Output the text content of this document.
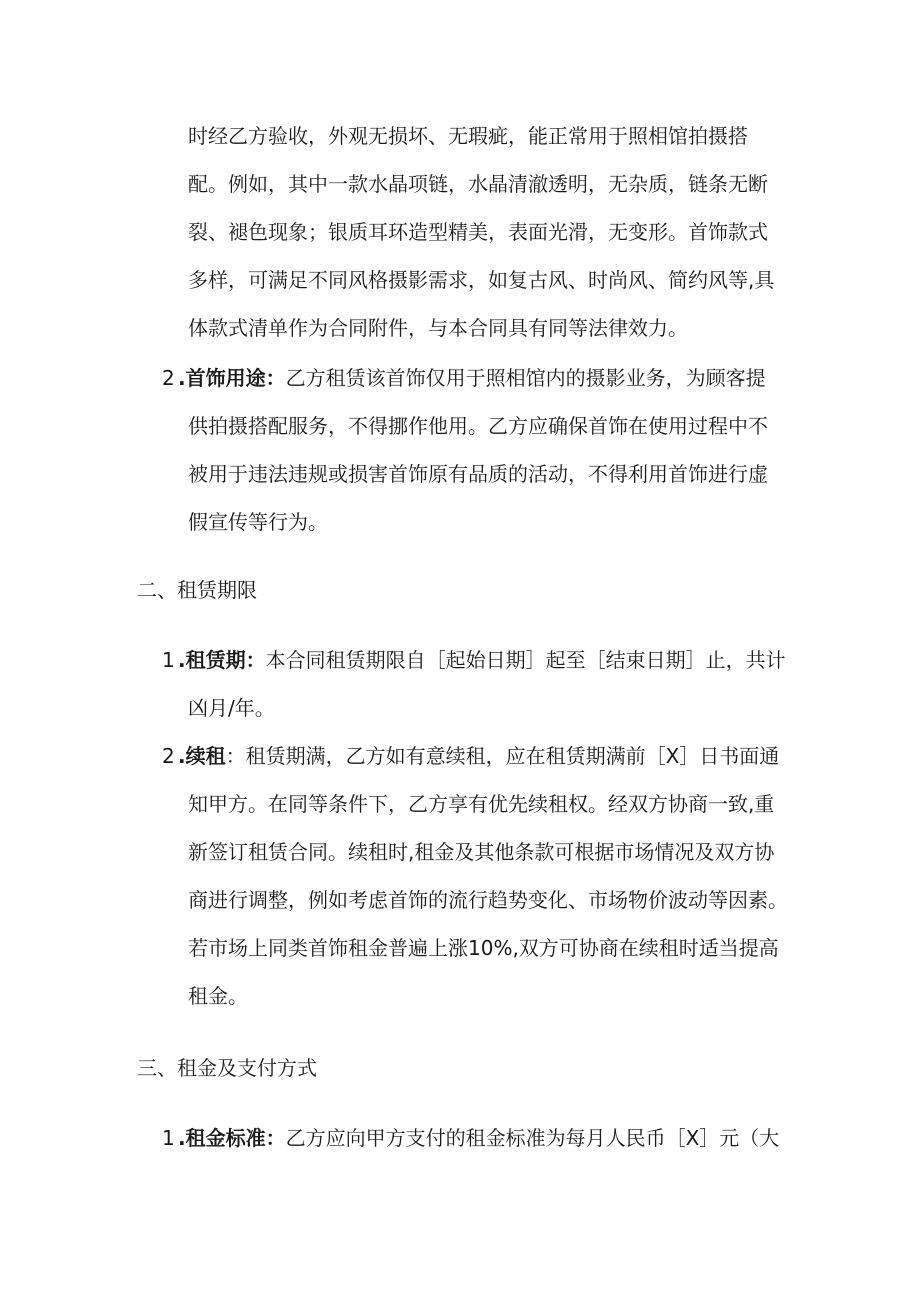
时经乙方验收，外观无损坏、无瑕疵，能正常用于照相馆拍摄搭
配。例如，其中一款水晶项链，水晶清澈透明，无杂质，链条无断
裂、褪色现象；银质耳环造型精美，表面光滑，无变形。首饰款式
多样，可满足不同风格摄影需求，如复古风、时尚风、简约风等,具
体款式清单作为合同附件，与本合同具有同等法律效力。
2 .首饰用途：乙方租赁该首饰仅用于照相馆内的摄影业务，为顾客提
供拍摄搭配服务，不得挪作他用。乙方应确保首饰在使用过程中不
被用于违法违规或损害首饰原有品质的活动，不得利用首饰进行虚
假宣传等行为。
二、租赁期限
1 .租赁期：本合同租赁期限自［起始日期］起至［结束日期］止，共计
凶月/年。
2 .续租：租赁期满，乙方如有意续租，应在租赁期满前［X］日书面通
知甲方。在同等条件下，乙方享有优先续租权。经双方协商一致,重
新签订租赁合同。续租时,租金及其他条款可根据市场情况及双方协
商进行调整，例如考虑首饰的流行趋势变化、市场物价波动等因素。
若市场上同类首饰租金普遍上涨10%,双方可协商在续租时适当提高
租金。
三、租金及支付方式
1 .租金标准：乙方应向甲方支付的租金标准为每月人民币［X］元（大
